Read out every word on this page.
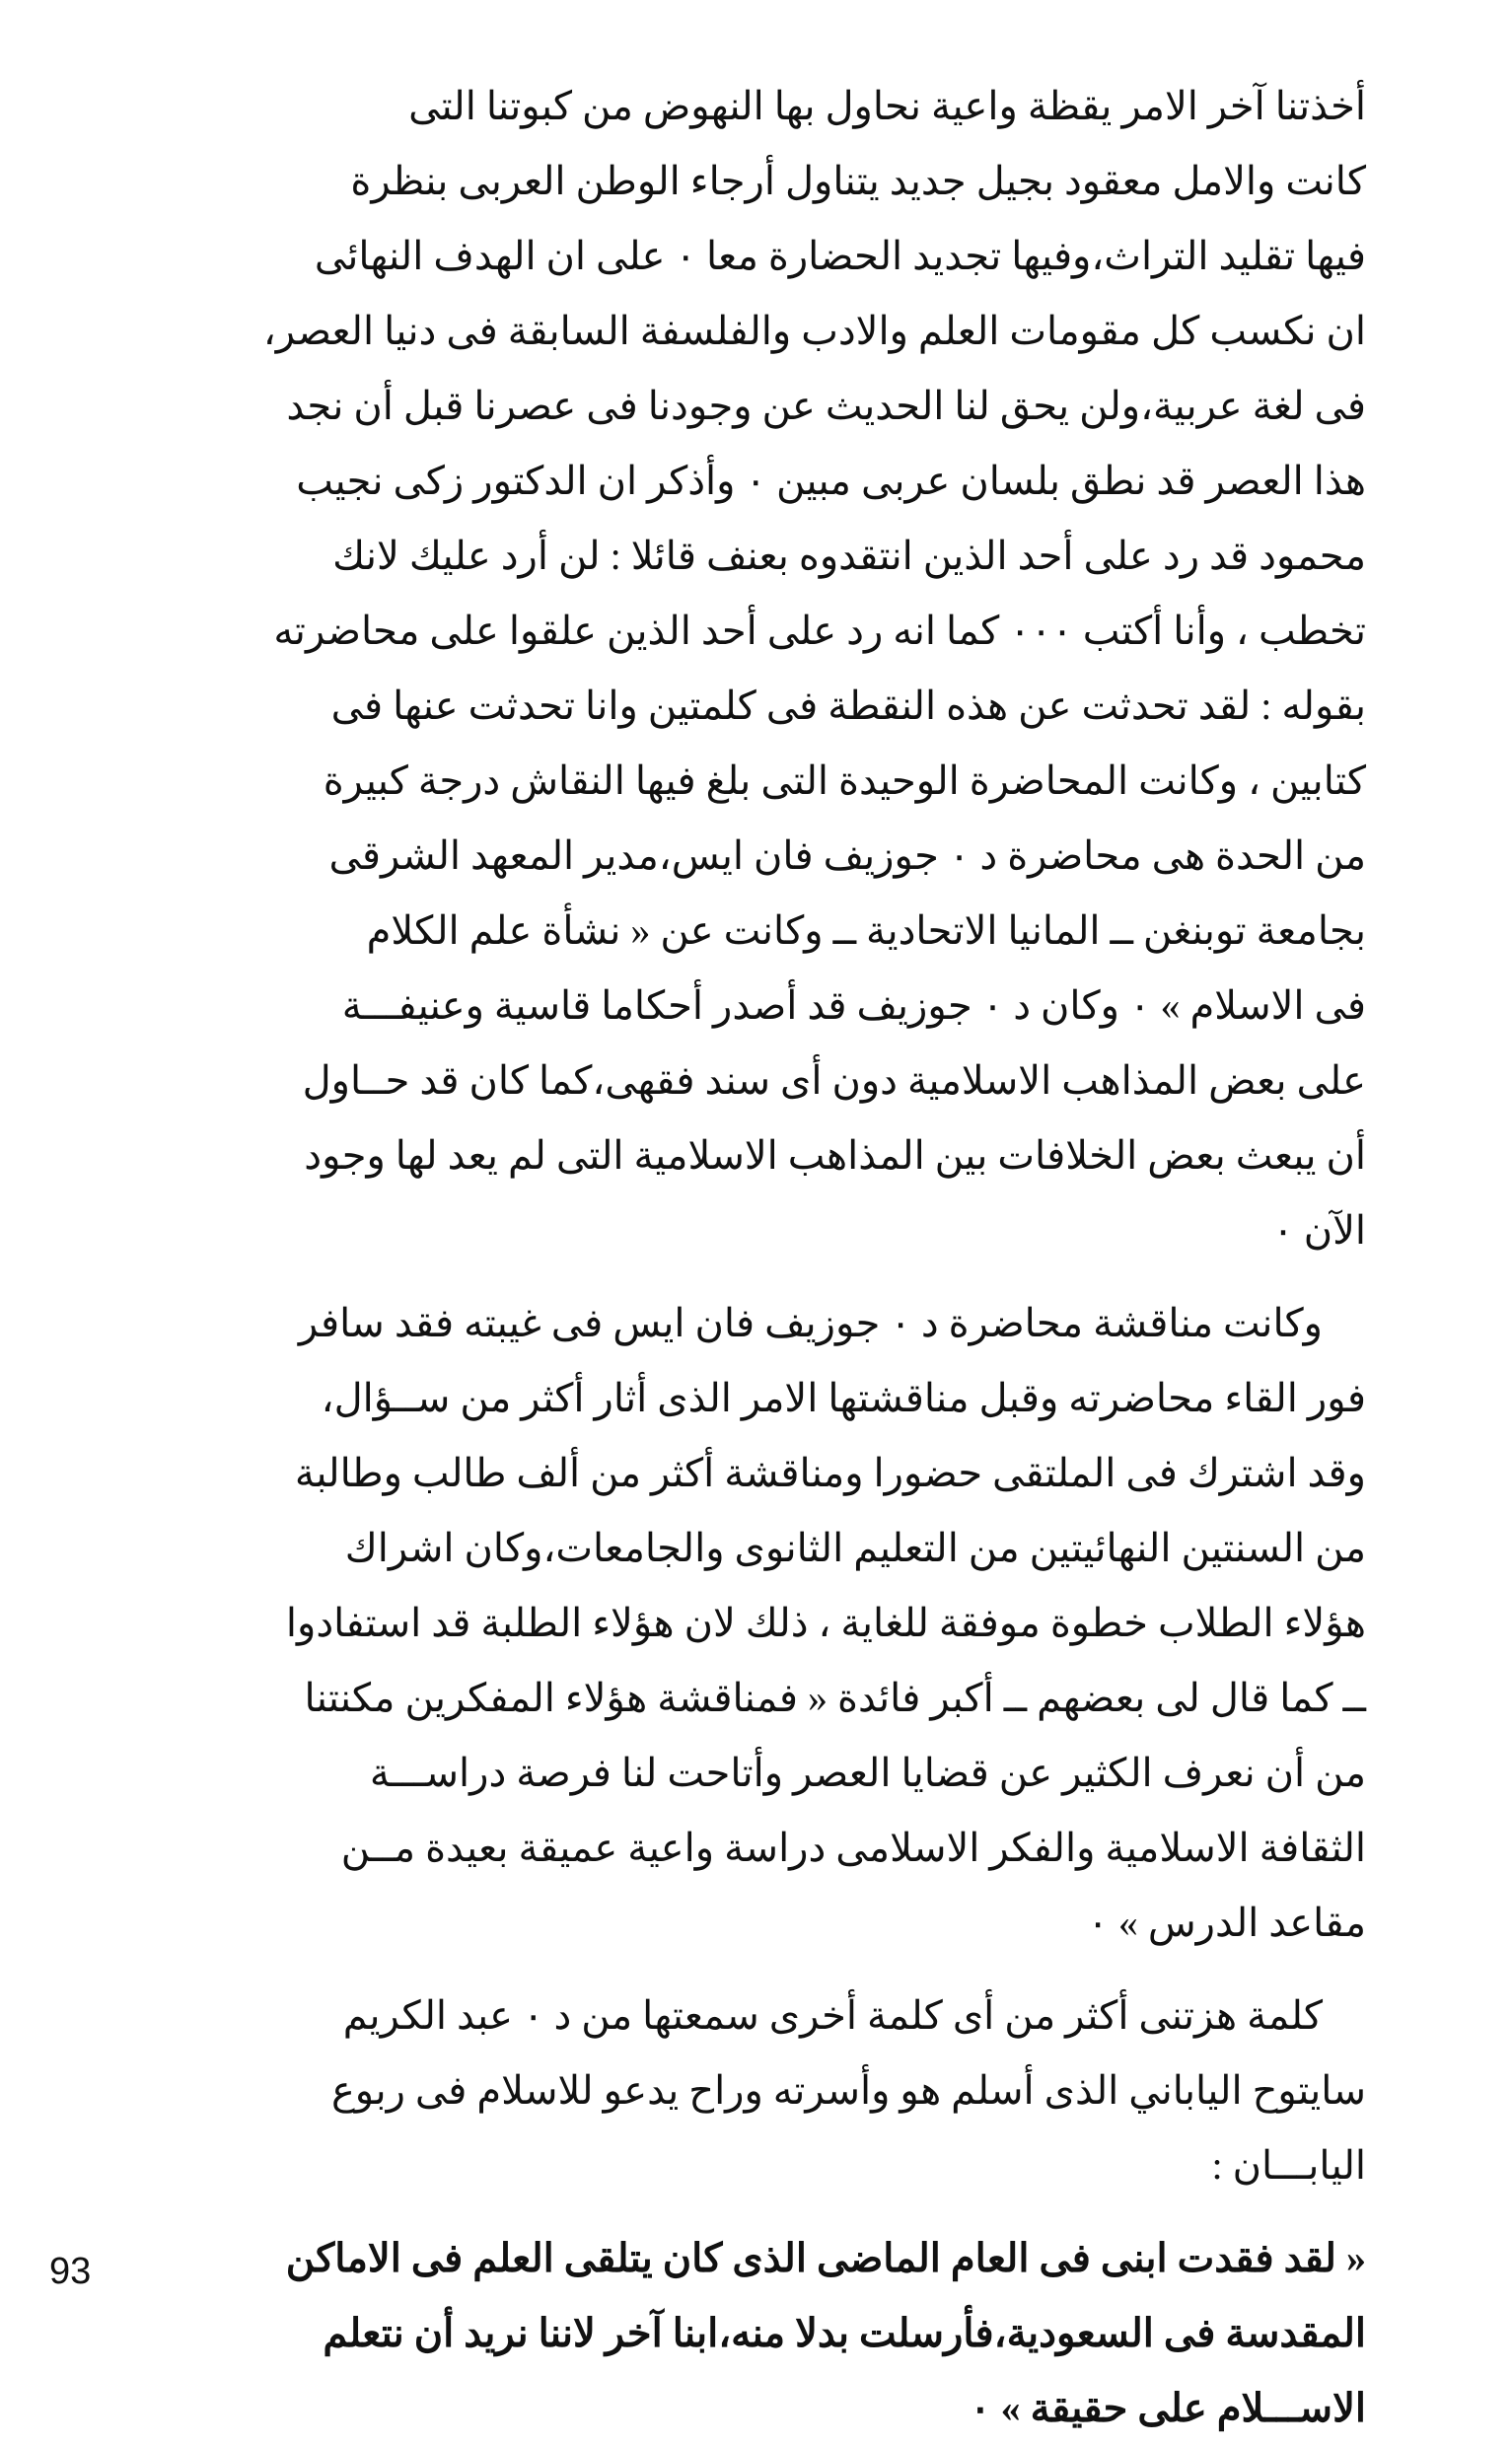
أخذتنا آخر الامر يقظة واعية نحاول بها النهوض من كبوتنا التى
كانت والامل معقود بجيل جديد يتناول أرجاء الوطن العربى بنظرة
فيها تقليد التراث،وفيها تجديد الحضارة معا ٠ على ان الهدف النهائى
ان نكسب كل مقومات العلم والادب والفلسفة السابقة فى دنيا العصر،
فى لغة عربية،ولن يحق لنا الحديث عن وجودنا فى عصرنا قبل أن نجد
هذا العصر قد نطق بلسان عربى مبين ٠ وأذكر ان الدكتور زكى نجيب
محمود قد رد على أحد الذين انتقدوه بعنف قائلا : لن أرد عليك لانك
تخطب ، وأنا أكتب ٠٠٠ كما انه رد على أحد الذين علقوا على محاضرته
بقوله : لقد تحدثت عن هذه النقطة فى كلمتين وانا تحدثت عنها فى
كتابين ، وكانت المحاضرة الوحيدة التى بلغ فيها النقاش درجة كبيرة
من الحدة هى محاضرة د ٠ جوزيف فان ايس،مدير المعهد الشرقى
بجامعة توبنغن ــ المانيا الاتحادية ــ وكانت عن « نشأة علم الكلام
فى الاسلام » ٠ وكان د ٠ جوزيف قد أصدر أحكاما قاسية وعنيفـــة
على بعض المذاهب الاسلامية دون أى سند فقهى،كما كان قد حــاول
أن يبعث بعض الخلافات بين المذاهب الاسلامية التى لم يعد لها وجود
الآن ٠
وكانت مناقشة محاضرة د ٠ جوزيف فان ايس فى غيبته فقد سافر
فور القاء محاضرته وقبل مناقشتها الامر الذى أثار أكثر من ســؤال،
وقد اشترك فى الملتقى حضورا ومناقشة أكثر من ألف طالب وطالبة
من السنتين النهائيتين من التعليم الثانوى والجامعات،وكان اشراك
هؤلاء الطلاب خطوة موفقة للغاية ، ذلك لان هؤلاء الطلبة قد استفادوا
ــ كما قال لى بعضهم ــ أكبر فائدة « فمناقشة هؤلاء المفكرين مكنتنا
من أن نعرف الكثير عن قضايا العصر وأتاحت لنا فرصة دراســـة
الثقافة الاسلامية والفكر الاسلامى دراسة واعية عميقة بعيدة مــن
مقاعد الدرس » ٠
كلمة هزتنى أكثر من أى كلمة أخرى سمعتها من د ٠ عبد الكريم
سايتوح الياباني الذى أسلم هو وأسرته وراح يدعو للاسلام فى ربوع
اليابـــان :
« لقد فقدت ابنى فى العام الماضى الذى كان يتلقى العلم فى الاماكن
المقدسة فى السعودية،فأرسلت بدلا منه،ابنا آخر لاننا نريد أن نتعلم
الاســـلام على حقيقة » ٠
93
